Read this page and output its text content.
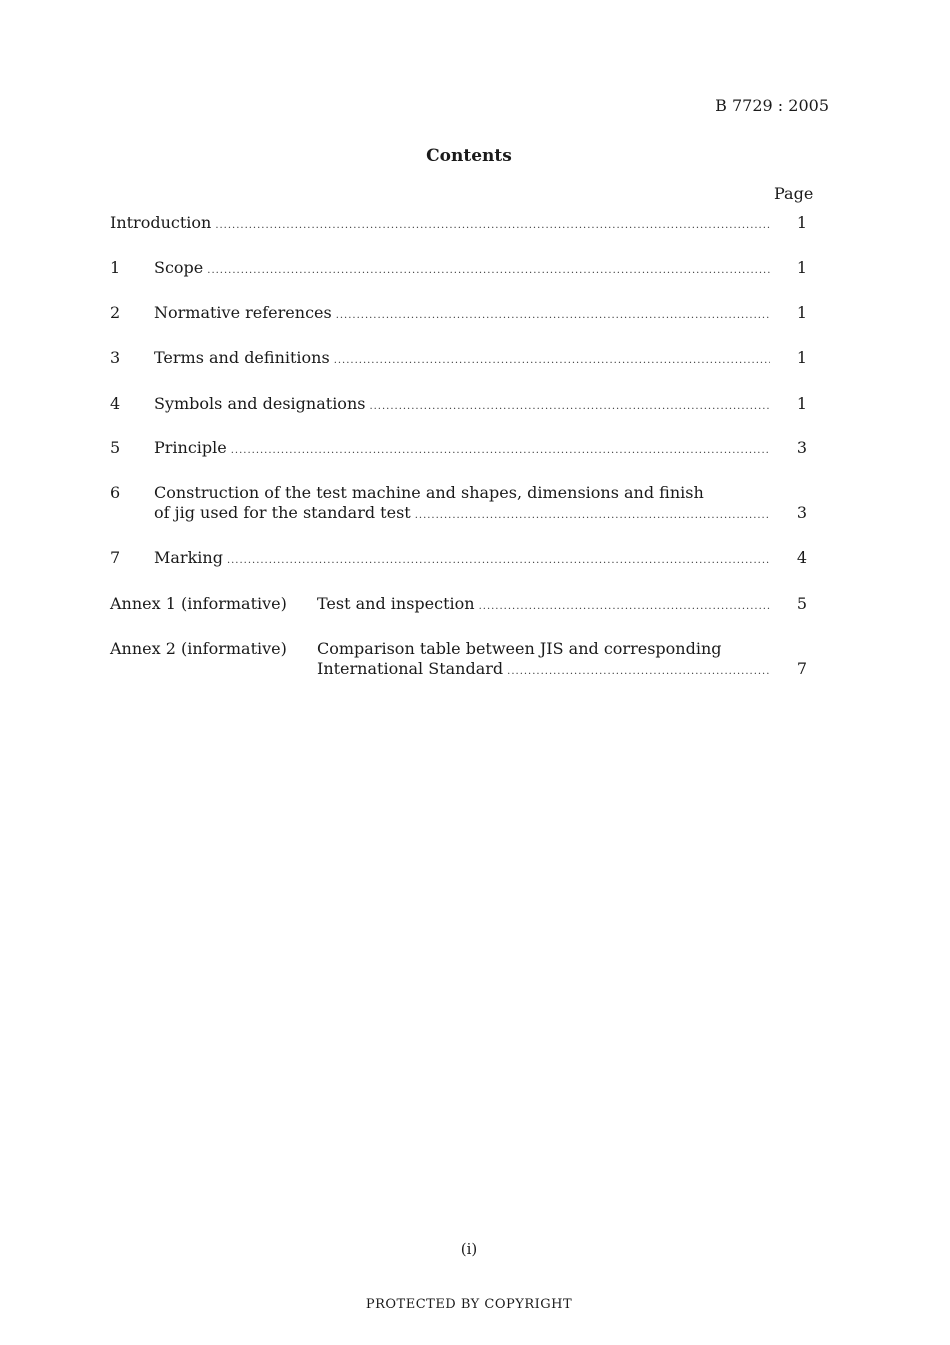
B 7729 : 2005
Contents
Page
Introduction .....	1
1 Scope .....	1
2 Normative references .....	1
3 Terms and definitions .....	1
4 Symbols and designations .....	1
5 Principle .....	3
6 Construction of the test machine and shapes, dimensions and finish
of jig used for the standard test .....	3
7 Marking .....	4
Annex 1 (informative) Test and inspection .....	5
Annex 2 (informative) Comparison table between JIS and corresponding
International Standard .....	7
(i)
PROTECTED BY COPYRIGHT
